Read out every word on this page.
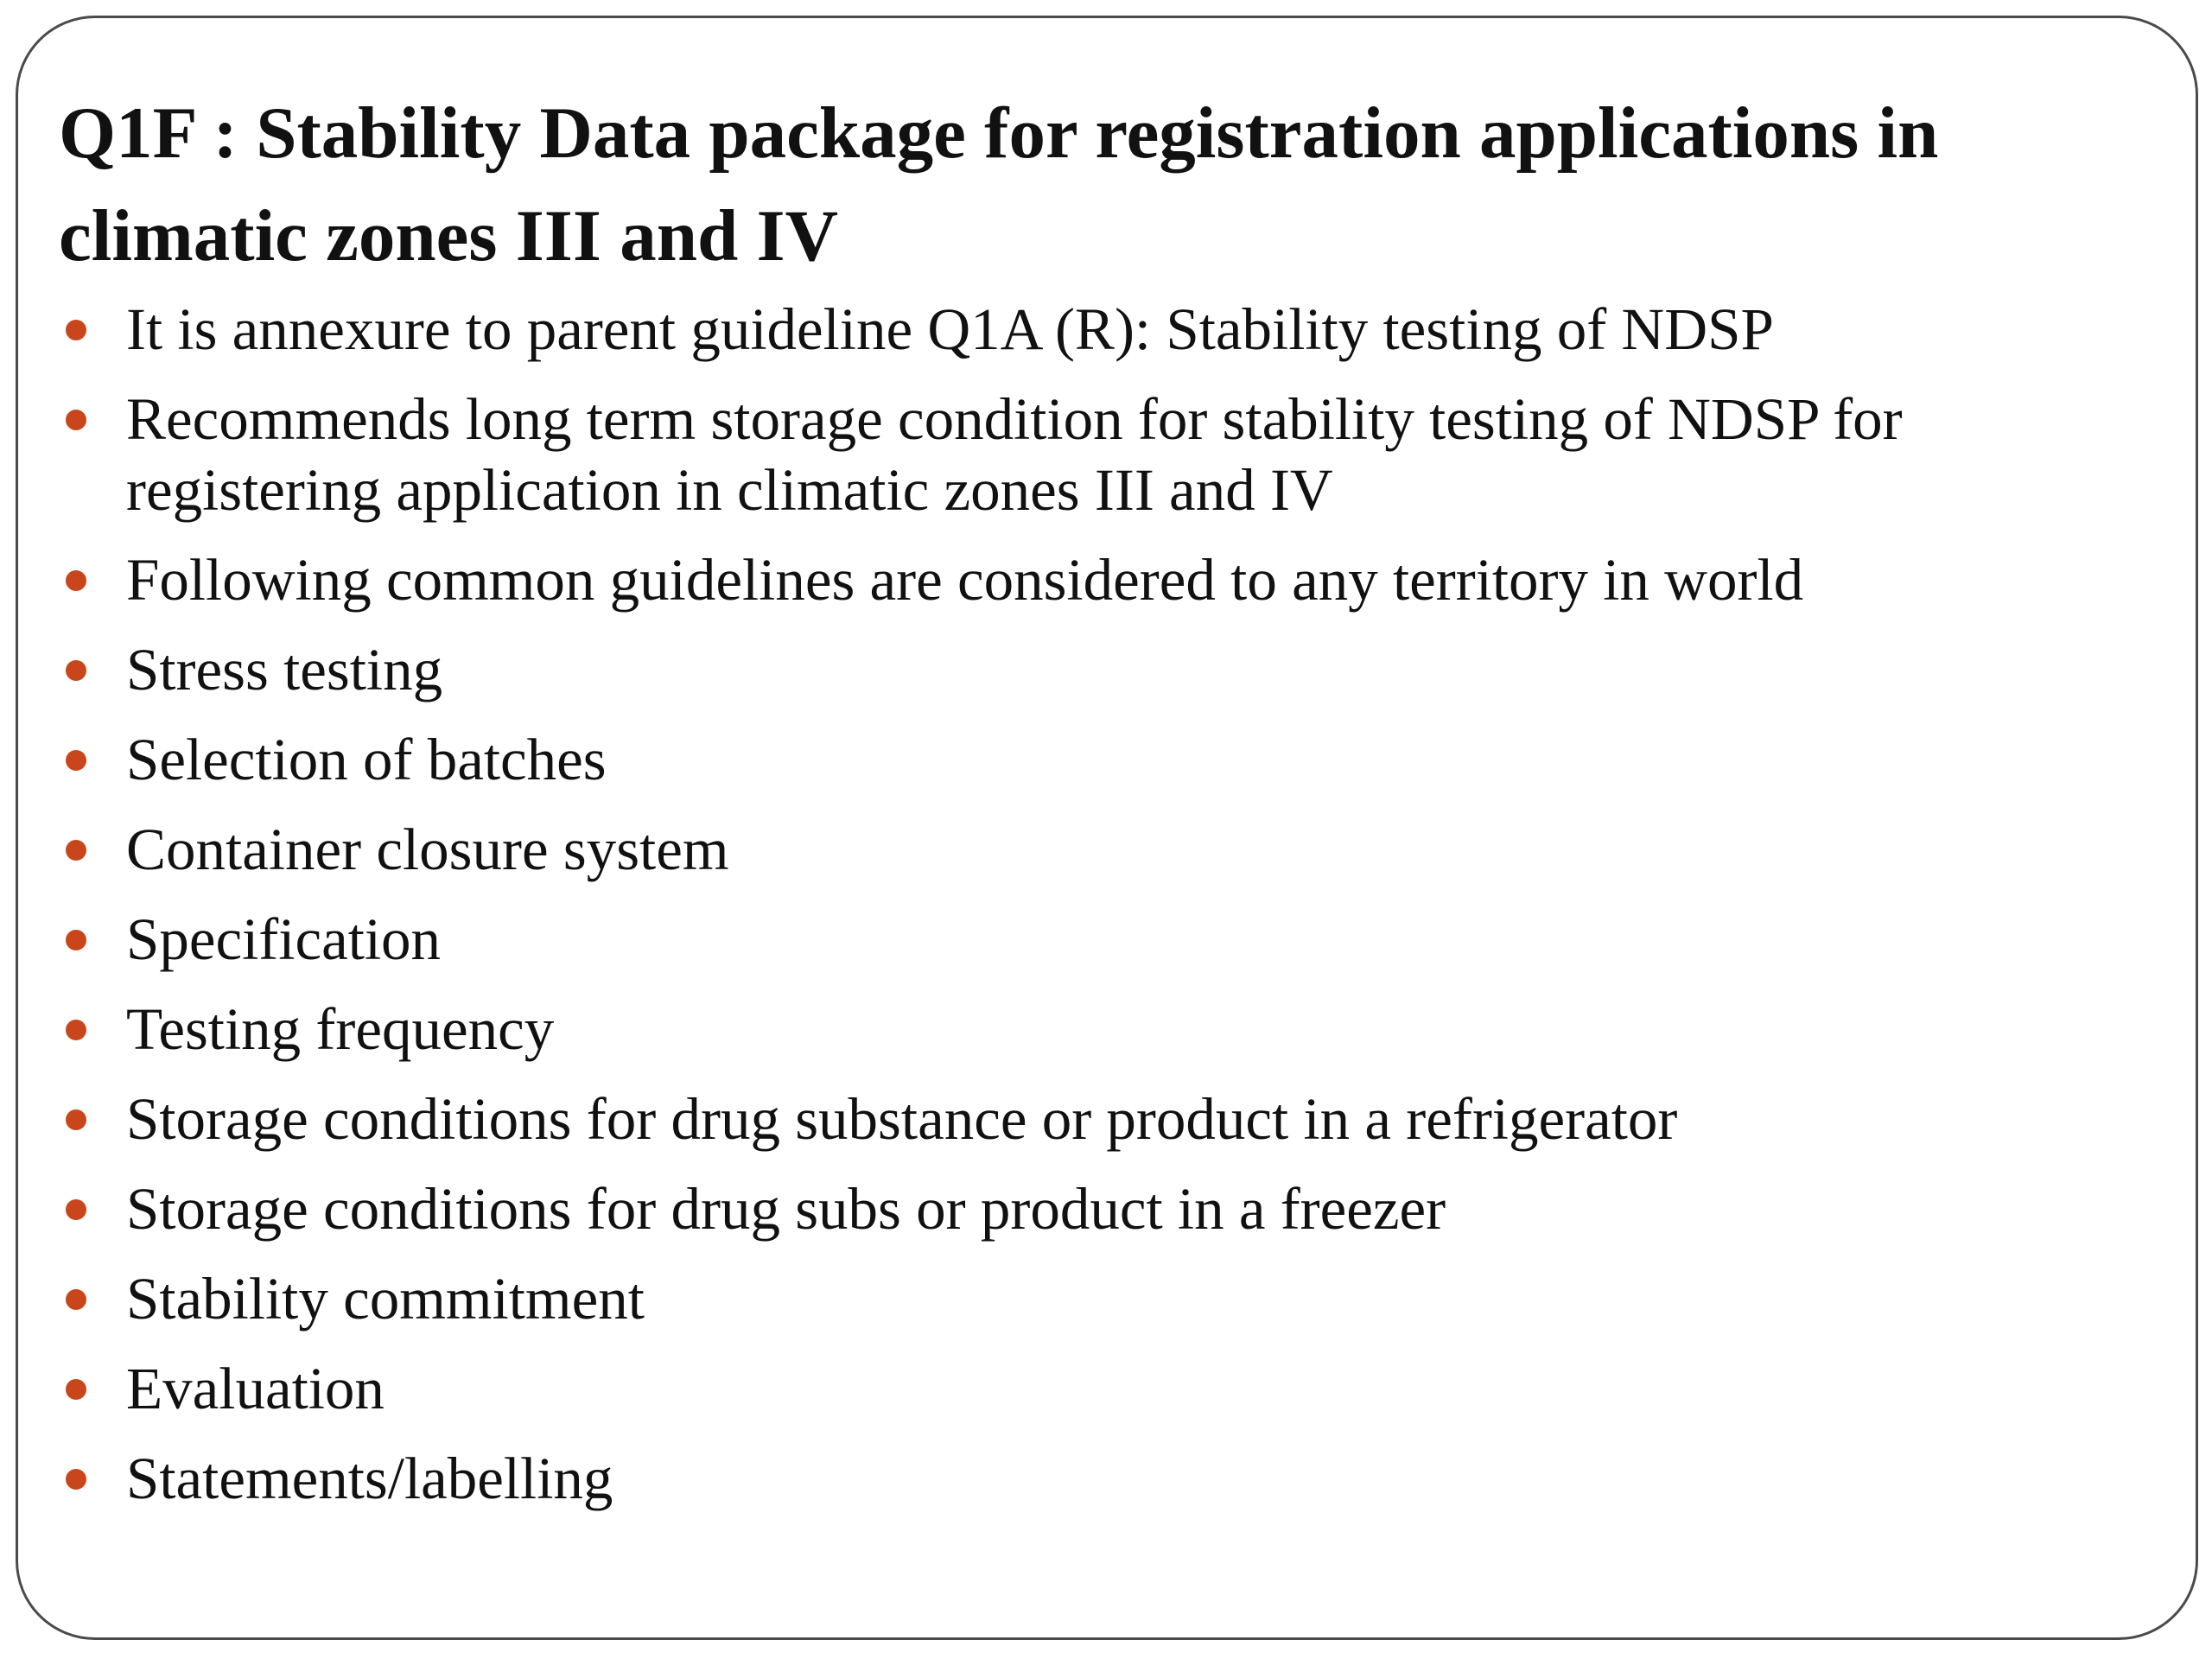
Q1F : Stability Data package for registration applications in climatic zones III and IV
It is annexure to parent guideline Q1A (R): Stability testing of NDSP
Recommends long term storage condition for stability testing of NDSP for registering application in climatic zones III and IV
Following common guidelines are considered to any territory in world
Stress testing
Selection of batches
Container closure system
Specification
Testing frequency
Storage conditions for drug substance or product in a refrigerator
Storage conditions for drug subs or product in a freezer
Stability commitment
Evaluation
Statements/labelling
